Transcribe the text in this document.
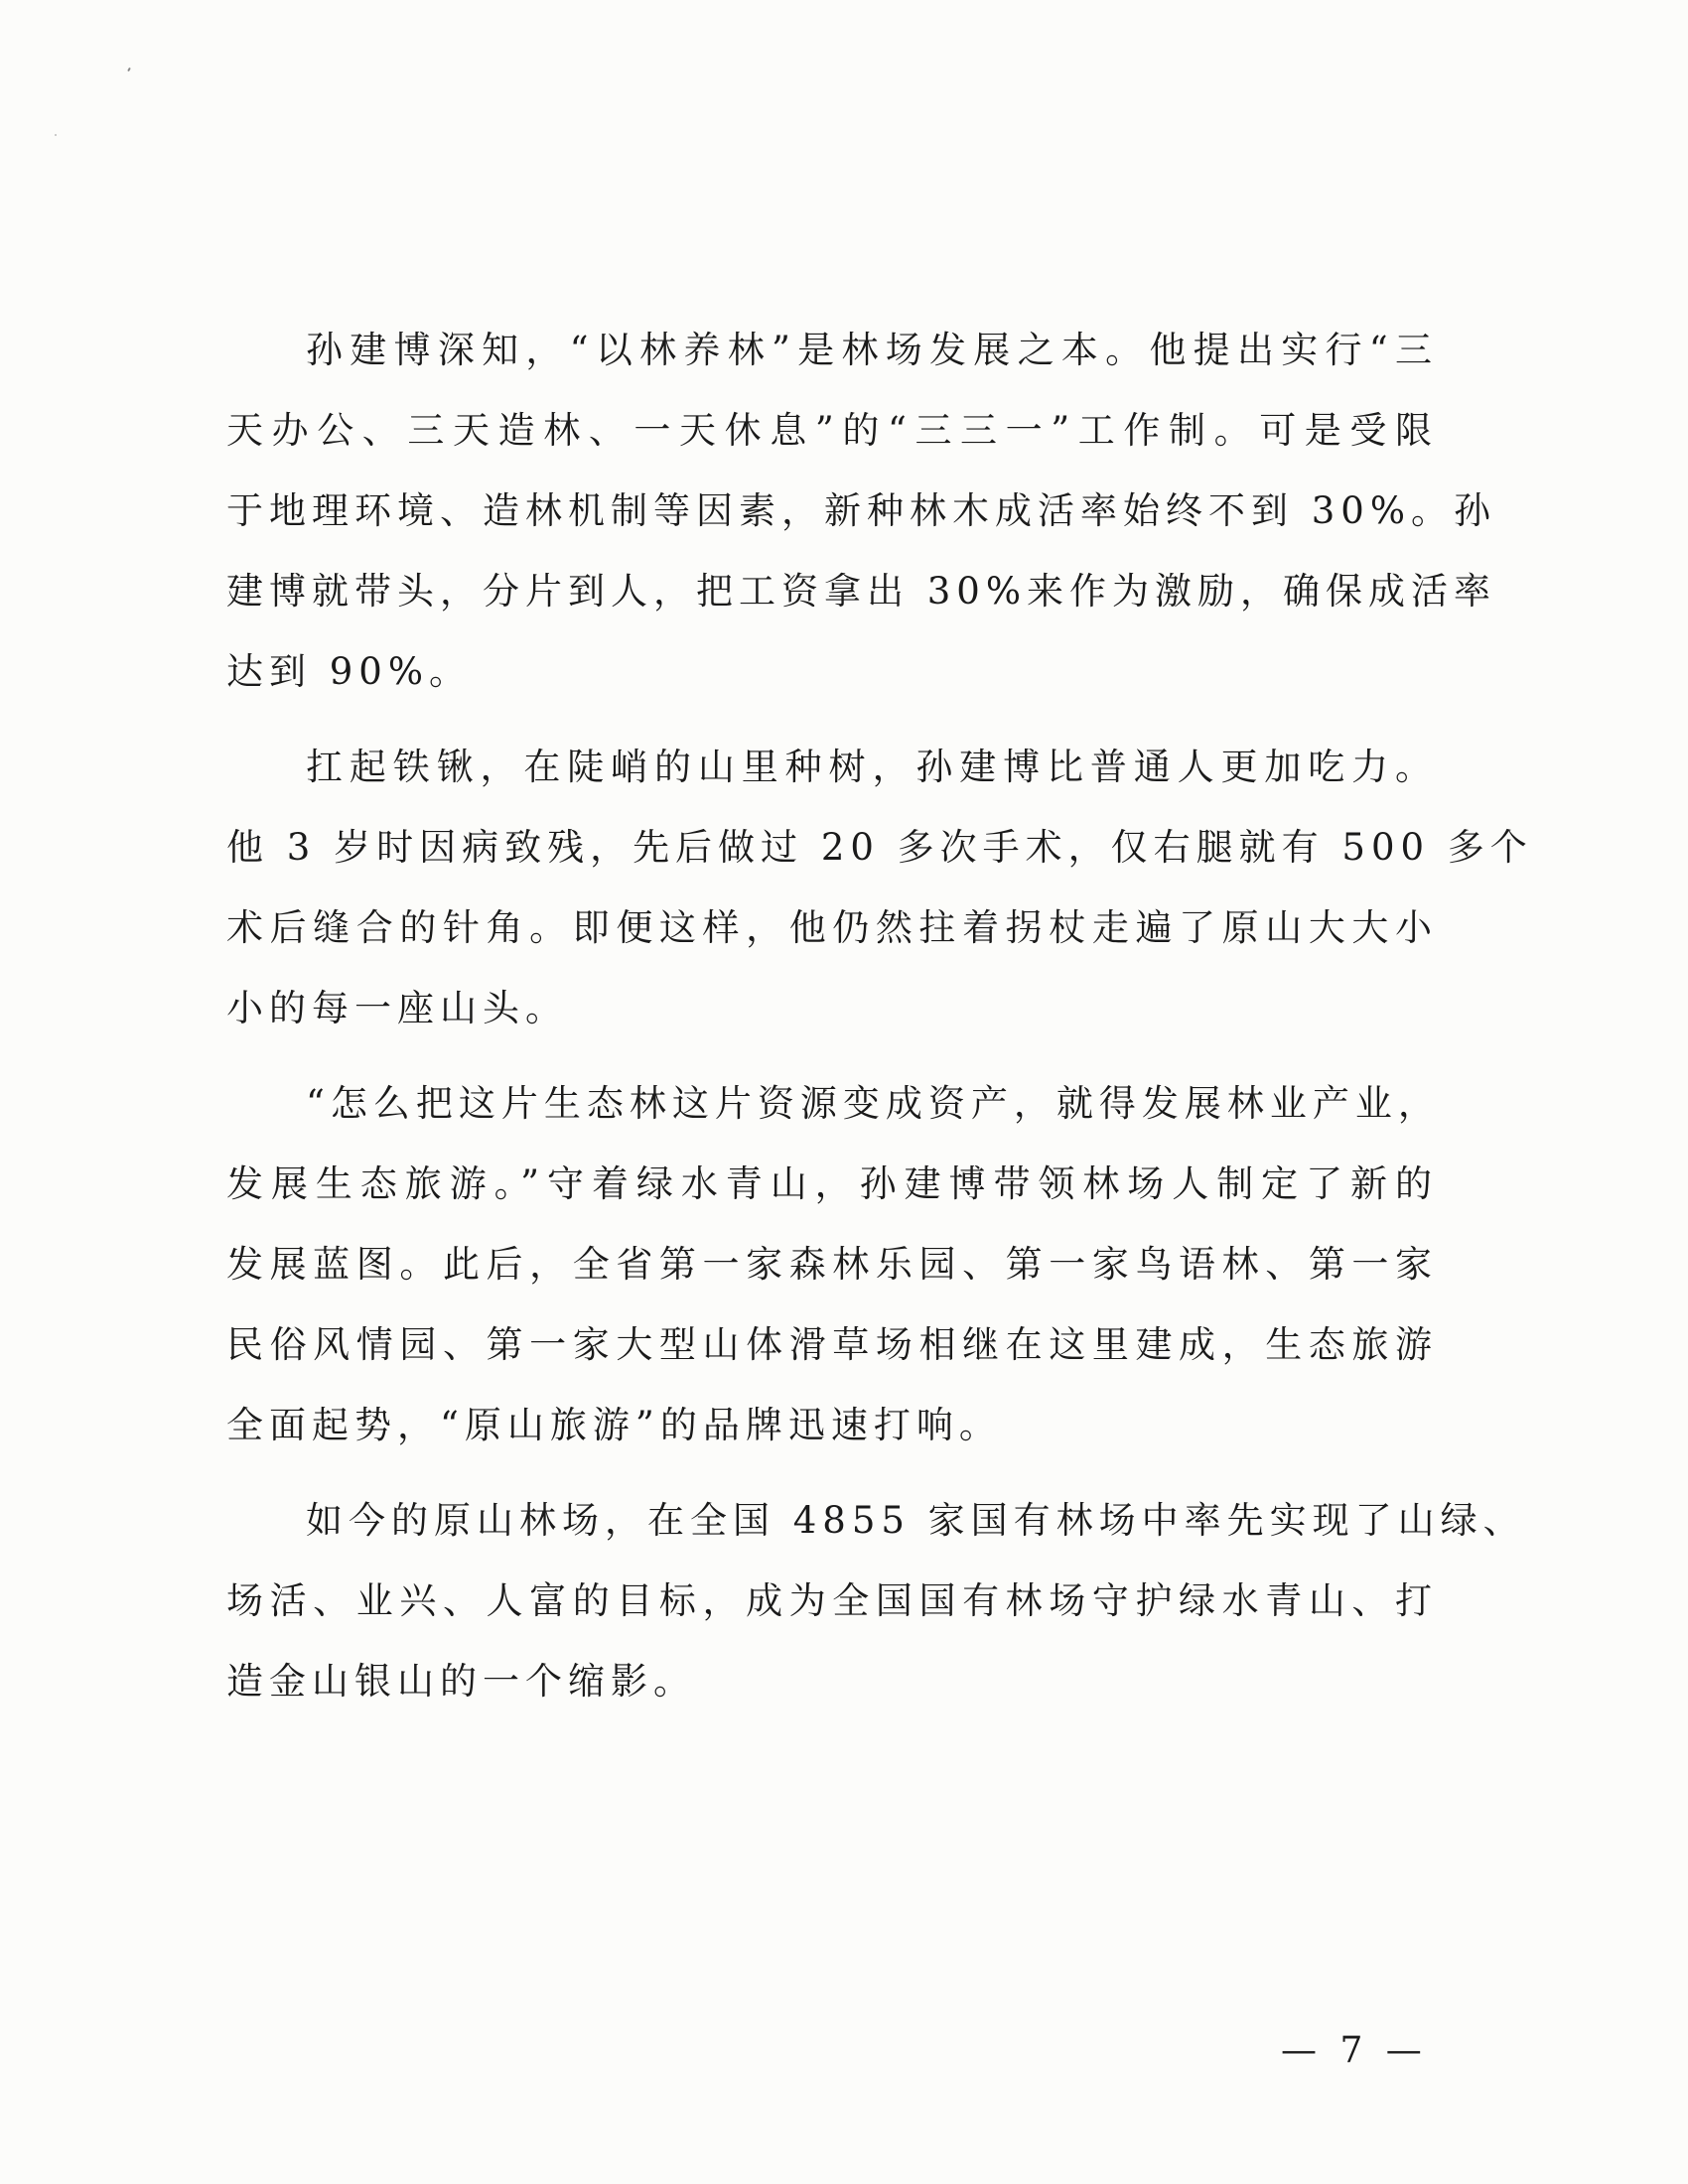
孙建博深知，“以林养林”是林场发展之本。他提出实行“三
天办公、三天造林、一天休息”的“三三一”工作制。可是受限
于地理环境、造林机制等因素，新种林木成活率始终不到 30%。孙
建博就带头，分片到人，把工资拿出 30%来作为激励，确保成活率
达到 90%。
扛起铁锹，在陡峭的山里种树，孙建博比普通人更加吃力。
他 3 岁时因病致残，先后做过 20 多次手术，仅右腿就有 500 多个
术后缝合的针角。即便这样，他仍然拄着拐杖走遍了原山大大小
小的每一座山头。
“怎么把这片生态林这片资源变成资产，就得发展林业产业，
发展生态旅游。”守着绿水青山，孙建博带领林场人制定了新的
发展蓝图。此后，全省第一家森林乐园、第一家鸟语林、第一家
民俗风情园、第一家大型山体滑草场相继在这里建成，生态旅游
全面起势，“原山旅游”的品牌迅速打响。
如今的原山林场，在全国 4855 家国有林场中率先实现了山绿、
场活、业兴、人富的目标，成为全国国有林场守护绿水青山、打
造金山银山的一个缩影。
— 7 —
